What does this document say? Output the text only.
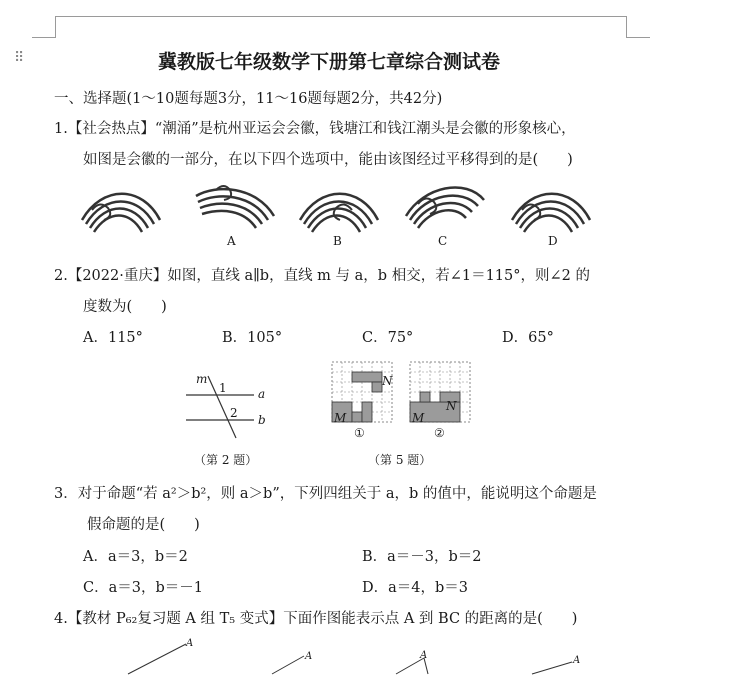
⠿	冀教版七年级数学下册第七章综合测试卷
一、选择题(1～10题每题3分，11～16题每题2分，共42分)
1.【社会热点】“潮涌”是杭州亚运会会徽，钱塘江和钱江潮头是会徽的形象核心，
如图是会徽的一部分，在以下四个选项中，能由该图经过平移得到的是(　　)
A	B	C	D
2.【2022·重庆】如图，直线 a∥b，直线 m 与 a，b 相交，若∠1＝115°，则∠2 的
度数为(　　)
A．115°	B．105°	C．75°	D．65°
m
1	a
2 b
（第 2 题）
N
M
N
M
①	②
（第 5 题）
3．对于命题“若 a²＞b²，则 a＞b”，下列四组关于 a，b 的值中，能说明这个命题是
假命题的是(　　)
A．a＝3，b＝2	B．a＝－3，b＝2
C．a＝3，b＝－1	D．a＝4，b＝3
4.【教材 P₆₂复习题 A 组 T₅ 变式】下面作图能表示点 A 到 BC 的距离的是(　　)
A
A	A	A
